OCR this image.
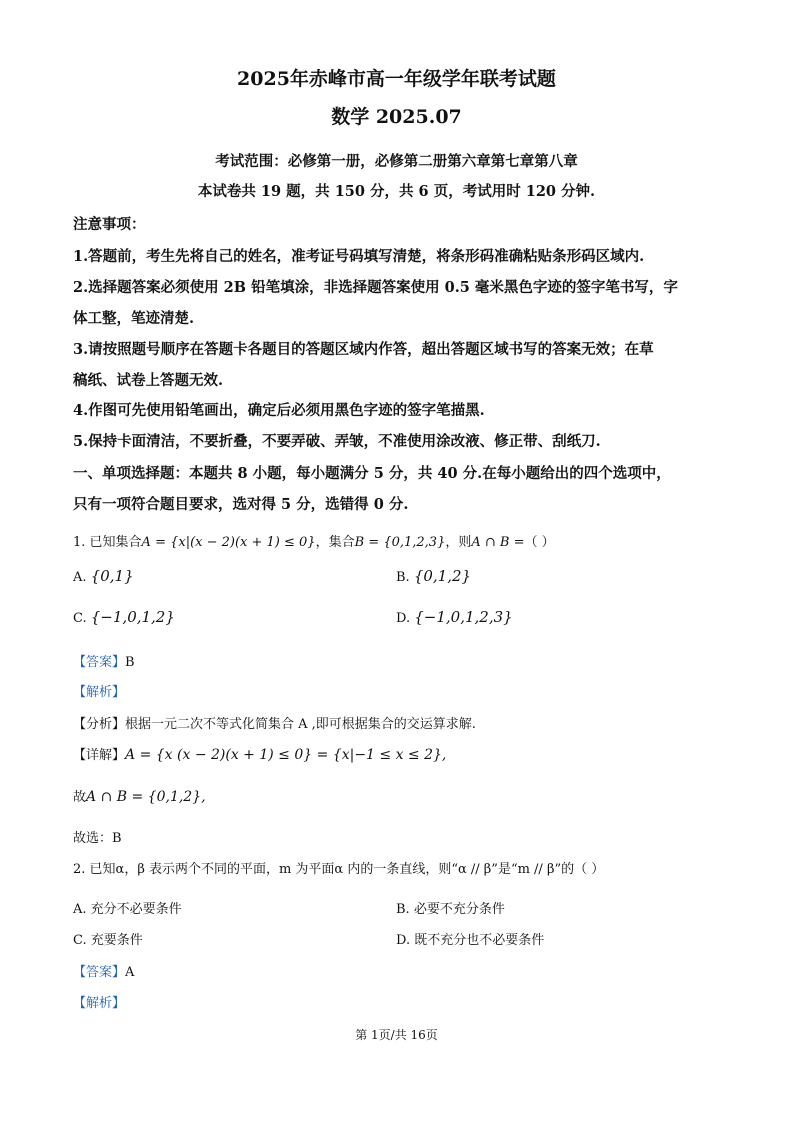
2025年赤峰市高一年级学年联考试题
数学 2025.07
考试范围：必修第一册，必修第二册第六章第七章第八章
本试卷共 19 题，共 150 分，共 6 页，考试用时 120 分钟.
注意事项：
1.答题前，考生先将自己的姓名，准考证号码填写清楚，将条形码准确粘贴条形码区域内.
2.选择题答案必须使用 2B 铅笔填涂，非选择题答案使用 0.5 毫米黑色字迹的签字笔书写，字
体工整，笔迹清楚.
3.请按照题号顺序在答题卡各题目的答题区域内作答，超出答题区域书写的答案无效；在草
稿纸、试卷上答题无效.
4.作图可先使用铅笔画出，确定后必须用黑色字迹的签字笔描黑.
5.保持卡面清洁，不要折叠，不要弄破、弄皱，不准使用涂改液、修正带、刮纸刀.
一、单项选择题：本题共 8 小题，每小题满分 5 分，共 40 分.在每小题给出的四个选项中，
只有一项符合题目要求，选对得 5 分，选错得 0 分.
1. 已知集合A = {x|(x − 2)(x + 1) ≤ 0}，集合B = {0,1,2,3}，则A ∩ B =（ ）
A. {0,1}	B. {0,1,2}
C. {−1,0,1,2}	D. {−1,0,1,2,3}
【答案】B
【解析】
【分析】根据一元二次不等式化简集合 A ,即可根据集合的交运算求解.
【详解】A = {x (x − 2)(x + 1) ≤ 0} = {x|−1 ≤ x ≤ 2},
故A ∩ B = {0,1,2},
故选：B
2. 已知α，β 表示两个不同的平面，m 为平面α 内的一条直线，则“α // β”是“m // β”的（ ）
A. 充分不必要条件	B. 必要不充分条件
C. 充要条件	D. 既不充分也不必要条件
【答案】A
【解析】
第 1页/共 16页
